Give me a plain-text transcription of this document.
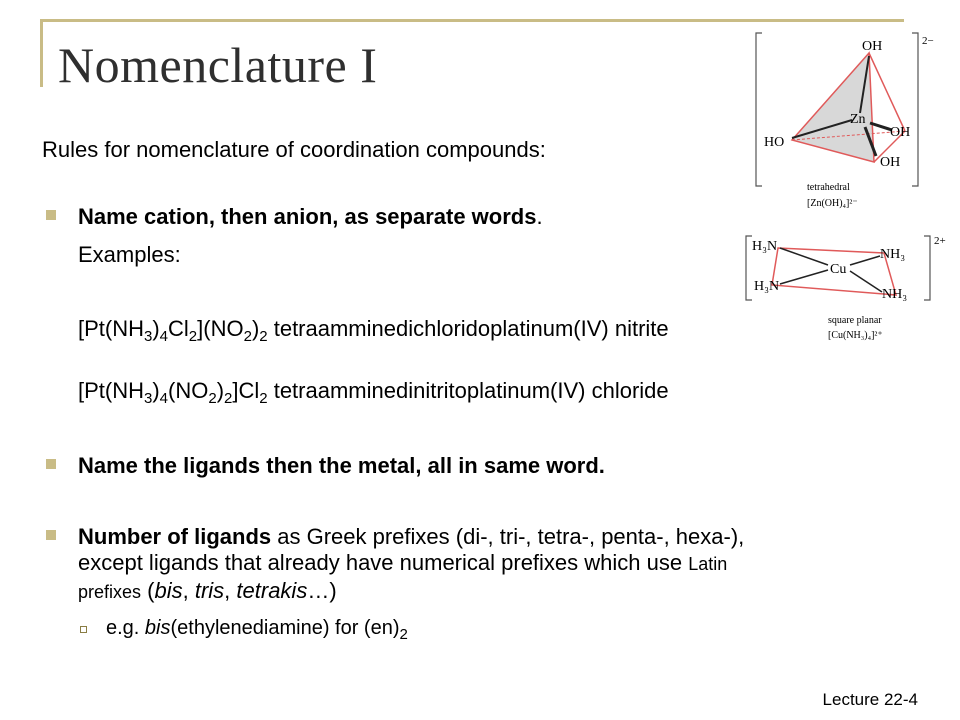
Nomenclature I
Rules for nomenclature of coordination compounds:
Name cation, then anion, as separate words.
Examples:
$[Pt(NH_3)_4Cl_2](NO_2)_2$ tetraamminedichloridoplatinum(IV) nitrite
$[Pt(NH_3)_4(NO_2)_2]Cl_2$ tetraamminedinitritoplatinum(IV) chloride
Name the ligands then the metal, all in same word.
Number of ligands as Greek prefixes (di-, tri-, tetra-, penta-, hexa-),
except ligands that already have numerical prefixes which use Latin
prefixes (bis, tris, tetrakis…)
e.g. bis(ethylenediamine) for $(en)_2$
OH
HO
OH
OH
Zn
2−
tetrahedral
[Zn(OH)₄]²⁻
H₃N
H₃N
NH₃
NH₃
Cu
2+
square planar
[Cu(NH₃)₄]²⁺
Lecture 22-4
